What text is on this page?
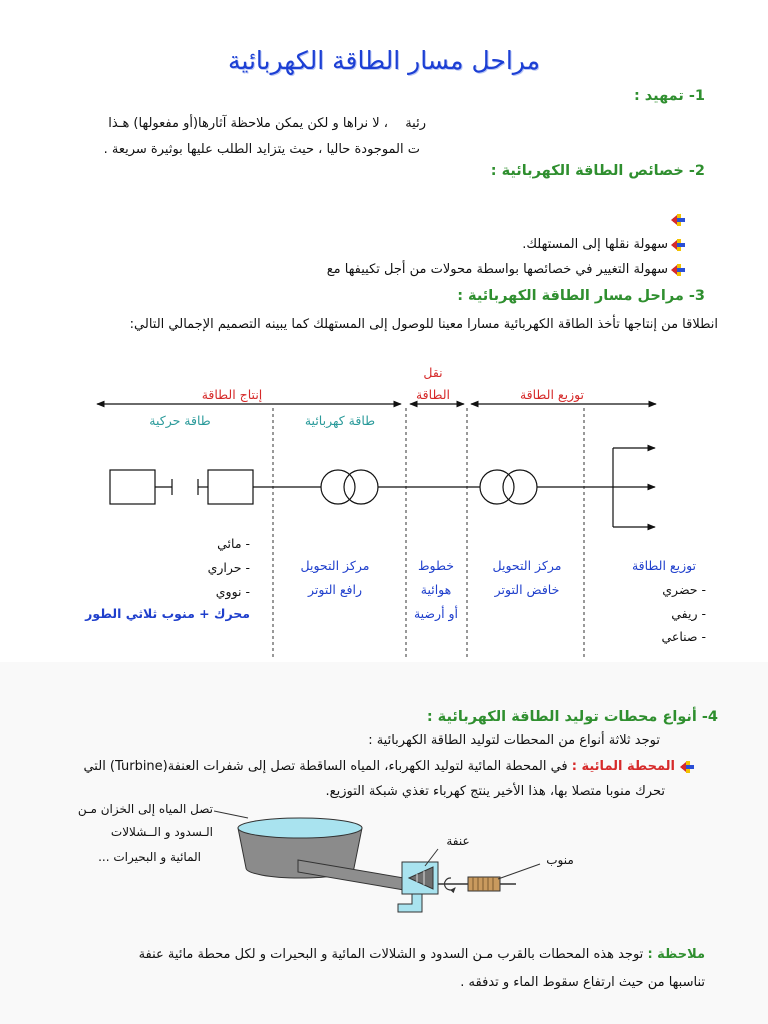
مراحل مسار الطاقة الكهربائية
1- تمهيد :
رئية
، لا نراها و لكن يمكن ملاحظة آثارها(أو مفعولها) هـذا
ت الموجودة حاليا ، حيث يتزايد الطلب عليها بوثيرة سريعة .
2- خصائص الطاقة الكهربائية :
سهولة نقلها إلى المستهلك.
سهولة التغيير في خصائصها بواسطة محولات من أجل تكييفها مع
3- مراحل مسار الطاقة الكهربائية :
انطلاقا من إنتاجها تأخذ الطاقة الكهربائية مسارا معينا للوصول إلى المستهلك كما يبينه التصميم الإجمالي التالي:
نقل
الطاقة
إنتاج الطاقة	توزيع الطاقة
طاقة حركية	طاقة كهربائية
- مائي
- حراري
- نووي
محرك + منوب ثلاثي الطور
مركز التحويل
رافع التوتر
خطوط
هوائية
أو أرضية
مركز التحويل
خافض التوتر
توزيع الطاقة
- حضري
- ريفي
- صناعي
4- أنواع محطات توليد الطاقة الكهربائية :
توجد ثلاثة أنواع من المحطات لتوليد الطاقة الكهربائية :
المحطة المائية : في المحطة المائية لتوليد الكهرباء، المياه الساقطة تصل إلى شفرات العنفة(Turbine) التي
تحرك منوبا متصلا بها، هذا الأخير ينتج كهرباء تغذي شبكة التوزيع.
تصل المياه إلى الخزان مـن
الـسدود و الــشلالات
المائية و البحيرات ...
عنفة
منوب
ملاحظة : توجد هذه المحطات بالقرب مـن السدود و الشلالات المائية و البحيرات و لكل محطة مائية عنفة
تناسبها من حيث ارتفاع سقوط الماء و تدفقه .
